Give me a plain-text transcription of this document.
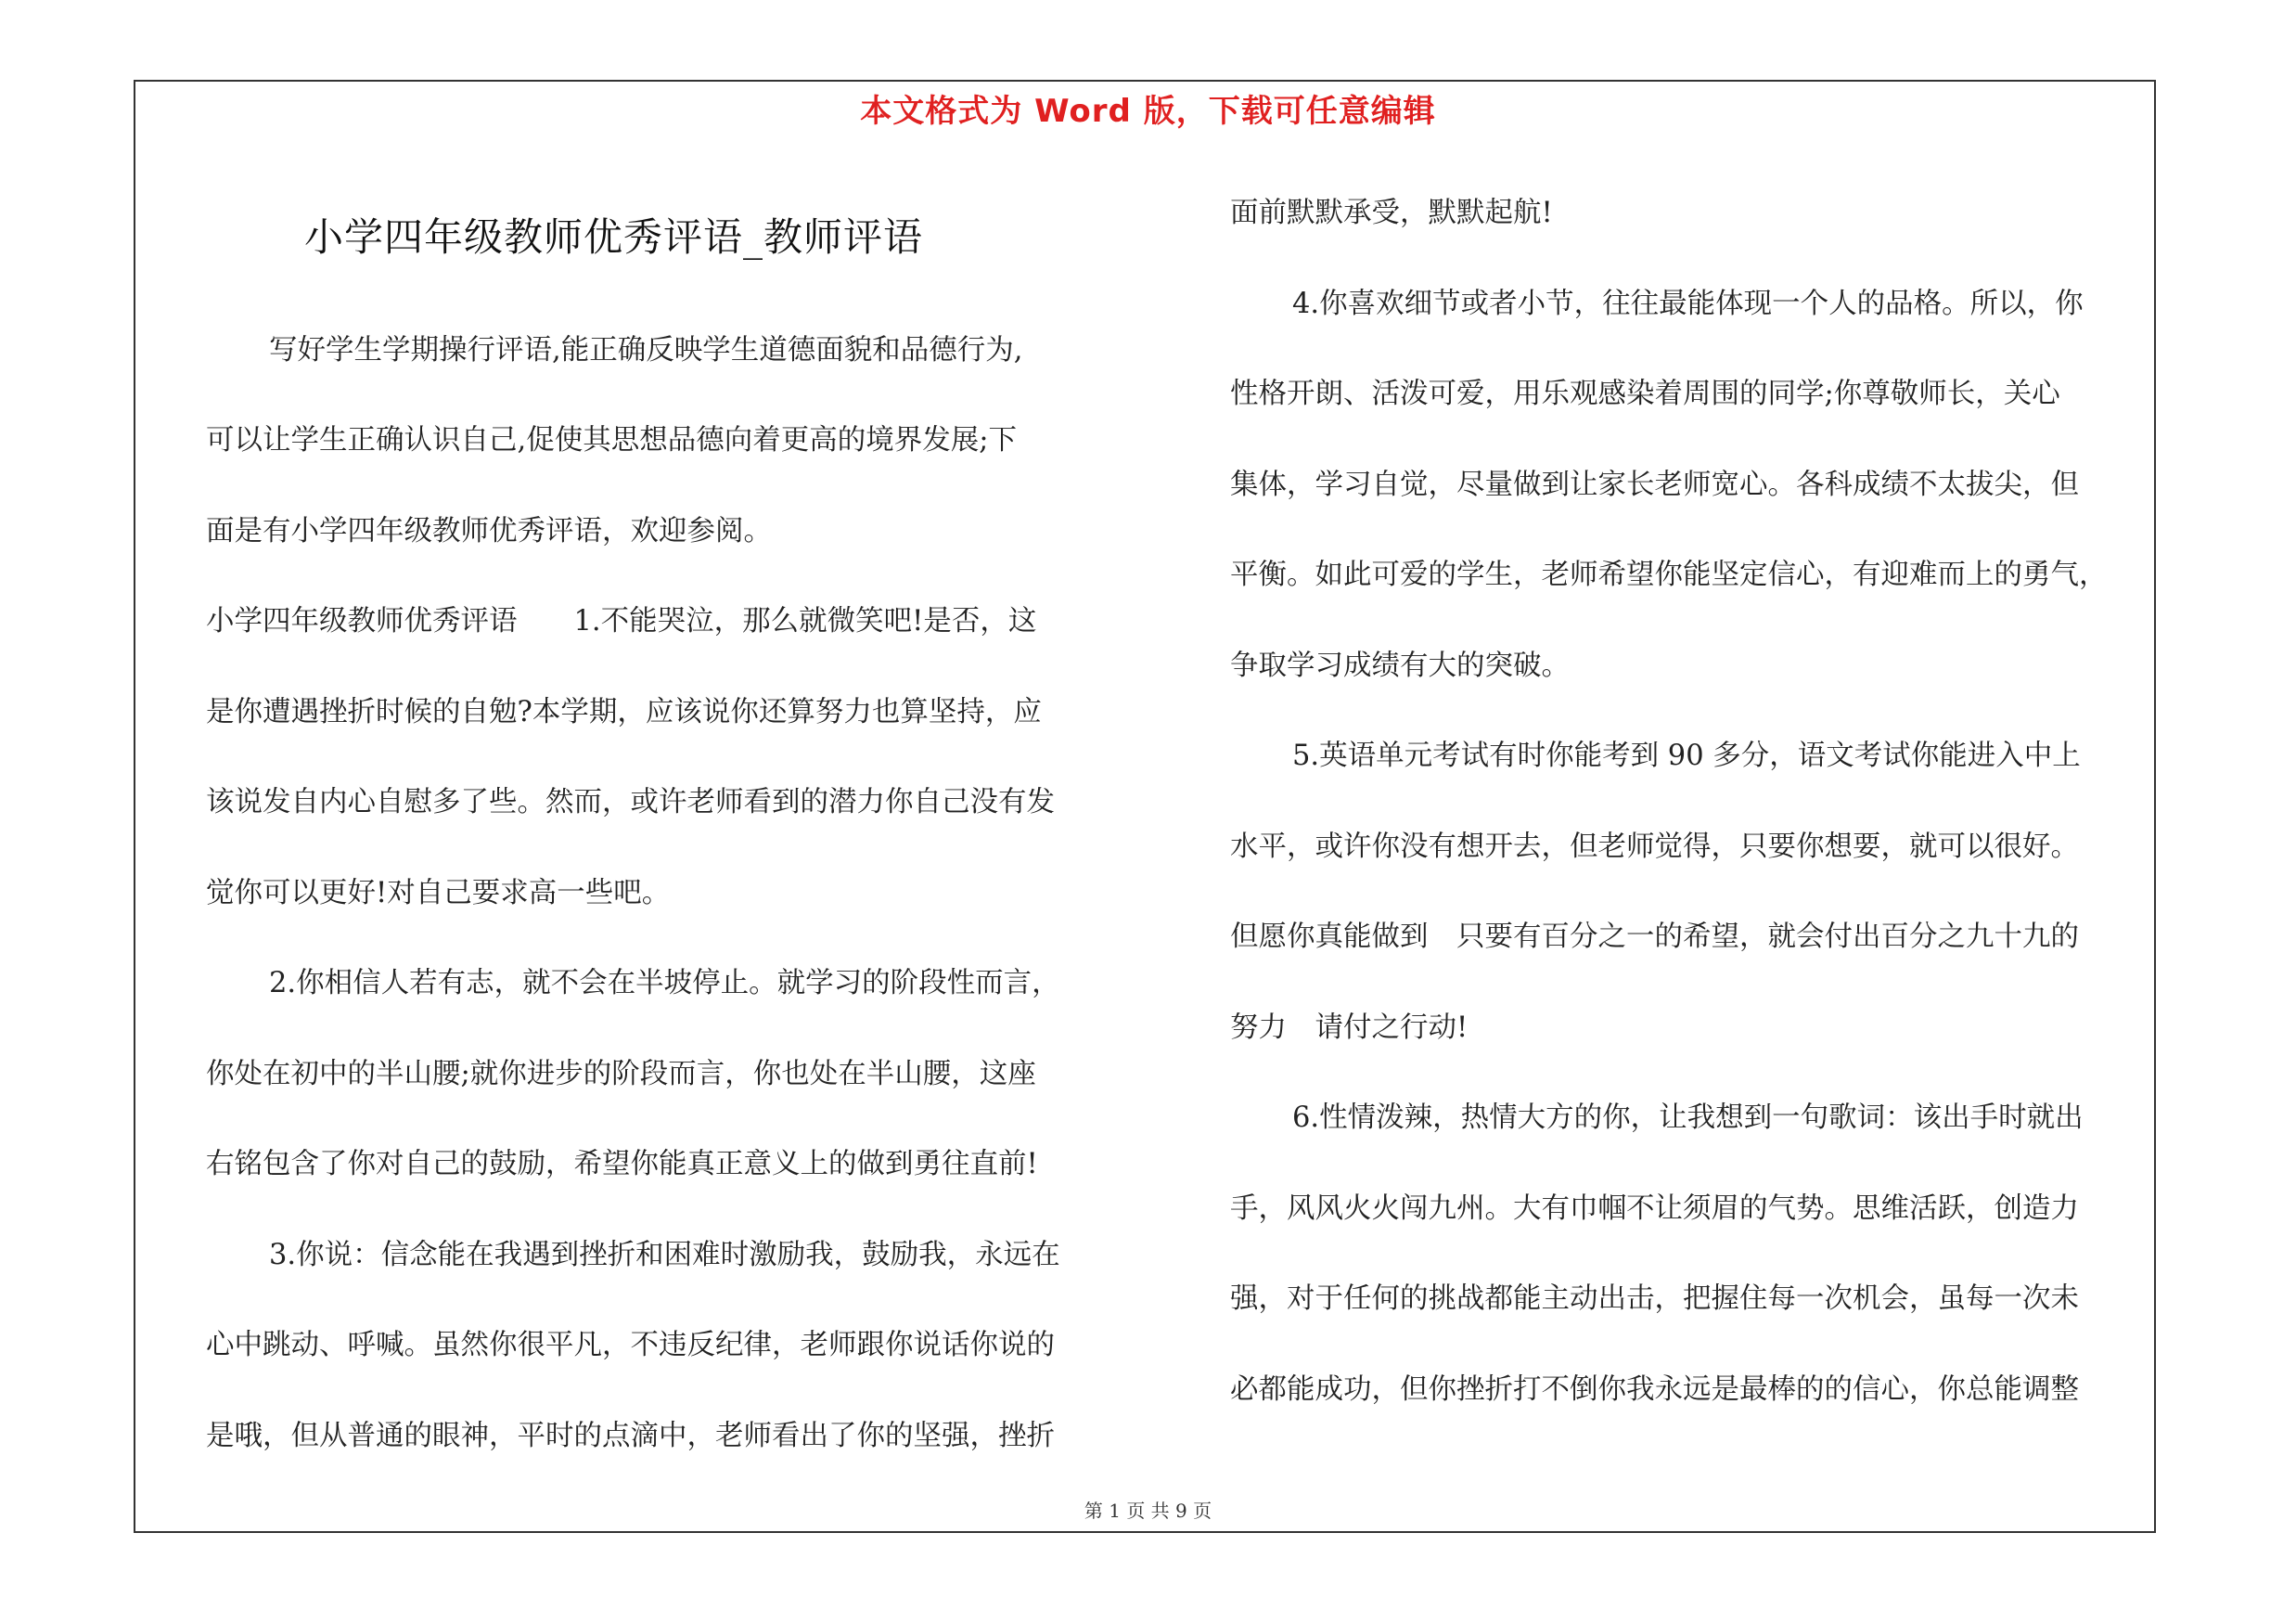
本文格式为 Word 版，下载可任意编辑
小学四年级教师优秀评语_教师评语
写好学生学期操行评语,能正确反映学生道德面貌和品德行为,
可以让学生正确认识自己,促使其思想品德向着更高的境界发展;下
面是有小学四年级教师优秀评语，欢迎参阅。
小学四年级教师优秀评语　　1.不能哭泣，那么就微笑吧!是否，这
是你遭遇挫折时候的自勉?本学期，应该说你还算努力也算坚持，应
该说发自内心自慰多了些。然而，或许老师看到的潜力你自己没有发
觉你可以更好!对自己要求高一些吧。
2.你相信人若有志，就不会在半坡停止。就学习的阶段性而言，
你处在初中的半山腰;就你进步的阶段而言，你也处在半山腰，这座
右铭包含了你对自己的鼓励，希望你能真正意义上的做到勇往直前!
3.你说：信念能在我遇到挫折和困难时激励我，鼓励我，永远在
心中跳动、呼喊。虽然你很平凡，不违反纪律，老师跟你说话你说的
是哦，但从普通的眼神，平时的点滴中，老师看出了你的坚强，挫折
面前默默承受，默默起航!
4.你喜欢细节或者小节，往往最能体现一个人的品格。所以，你
性格开朗、活泼可爱，用乐观感染着周围的同学;你尊敬师长，关心
集体，学习自觉，尽量做到让家长老师宽心。各科成绩不太拔尖，但
平衡。如此可爱的学生，老师希望你能坚定信心，有迎难而上的勇气，
争取学习成绩有大的突破。
5.英语单元考试有时你能考到 90 多分，语文考试你能进入中上
水平，或许你没有想开去，但老师觉得，只要你想要，就可以很好。
但愿你真能做到　只要有百分之一的希望，就会付出百分之九十九的
努力　请付之行动!
6.性情泼辣，热情大方的你，让我想到一句歌词：该出手时就出
手，风风火火闯九州。大有巾帼不让须眉的气势。思维活跃，创造力
强，对于任何的挑战都能主动出击，把握住每一次机会，虽每一次未
必都能成功，但你挫折打不倒你我永远是最棒的的信心，你总能调整
第 1 页 共 9 页
